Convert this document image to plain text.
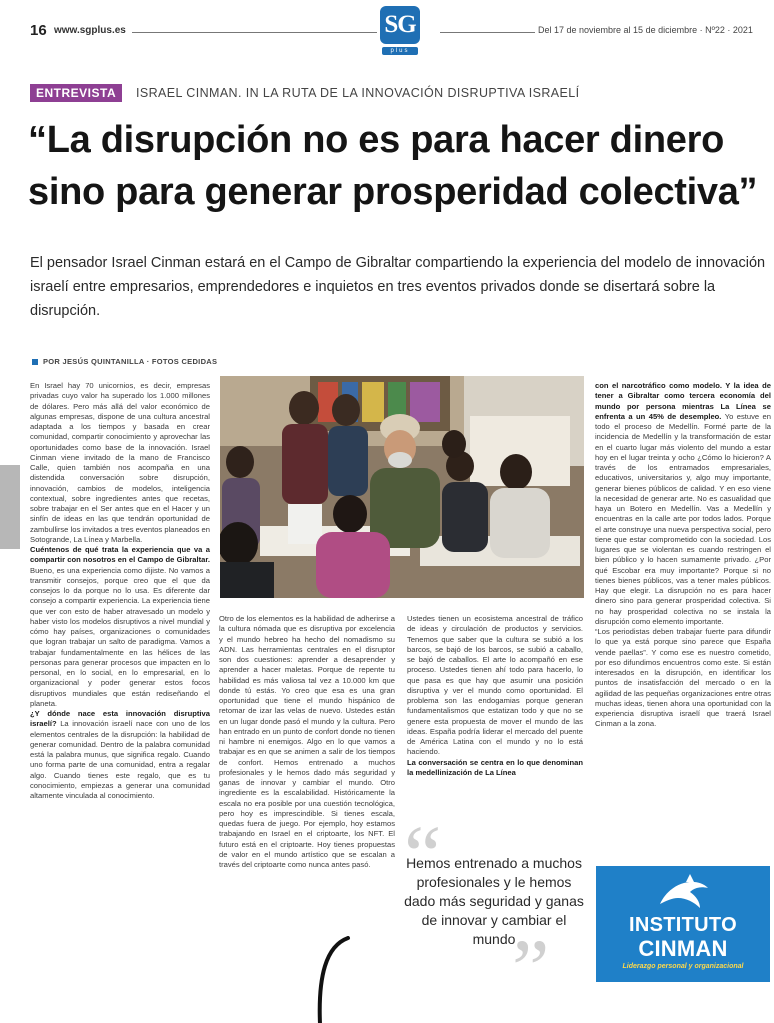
16 www.sgplus.es	Del 17 de noviembre al 15 de diciembre · Nº22 · 2021
SG
plus
ENTREVISTA	ISRAEL CINMAN. IN LA RUTA DE LA INNOVACIÓN DISRUPTIVA ISRAELÍ
“La disrupción no es para hacer dinero
sino para generar prosperidad colectiva”

El pensador Israel Cinman estará en el Campo de Gibraltar compartiendo la experiencia del modelo de innovación israelí entre empresarios, emprendedores e inquietos en tres eventos privados donde se disertará sobre la disrupción.

POR JESÚS QUINTANILLA · FOTOS CEDIDAS

En Israel hay 70 unicornios, es decir, empresas privadas cuyo valor ha superado los 1.000 millones de dólares. Pero más allá del valor económico de algunas empresas, dispone de una cultura ancestral adaptada a los tiempos y basada en crear comunidad, compartir conocimiento y aprovechar las oportunidades como base de la innovación. Israel Cinman viene invitado de la mano de Francisco Calle, quien también nos acompaña en una distendida conversación sobre disrupción, innovación, cambios de modelos, inteligencia contextual, sobre ingredientes antes que recetas, sobre trabajar en el Ser antes que en el Hacer y un sinfín de ideas en las que tendrán oportunidad de zambullirse los invitados a tres eventos planeados en Sotogrande, La Línea y Marbella.

Cuéntenos de qué trata la experiencia que va a compartir con nosotros en el Campo de Gibraltar. Bueno, es una experiencia como dijiste. No vamos a transmitir consejos, porque creo que el que da consejos lo da porque no lo usa. Es diferente dar consejo a compartir experiencia. La experiencia tiene que ver con esto de haber atravesado un modelo y haber visto los modelos disruptivos a nivel mundial y cómo hay países, organizaciones o comunidades que logran trabajar un salto de paradigma. Vamos a trabajar fundamentalmente en las hélices de las personas para generar procesos que impacten en lo personal, en lo social, en lo empresarial, en lo organizacional y poder generar estos focos disruptivos mundiales que están rediseñando el planeta.

¿Y dónde nace esta innovación disruptiva israelí? La innovación israelí nace con uno de los elementos centrales de la disrupción: la habilidad de generar comunidad. Dentro de la palabra comunidad está la palabra munus, que significa regalo. Cuando uno forma parte de una comunidad, entra a regalar algo. Cuando tienes este regalo, que es tu conocimiento, empiezas a generar una comunidad altamente vinculada al conocimiento.

Otro de los elementos es la habilidad de adherirse a la cultura nómada que es disruptiva por excelencia y el mundo hebreo ha hecho del nomadismo su ADN. Las herramientas centrales en el disruptor son dos cuestiones: aprender a desaprender y aprender a hacer maletas. Porque de repente tu habilidad es más valiosa tal vez a 10.000 km que donde tú estás. Yo creo que esa es una gran oportunidad que tiene el mundo hispánico de retomar de izar las velas de nuevo. Ustedes están en un lugar donde pasó el mundo y la cultura. Pero han entrado en un punto de confort donde no tienen ni hambre ni enemigos. Algo en lo que vamos a trabajar es en que se animen a salir de los tiempos de confort. Hemos entrenado a muchos profesionales y le hemos dado más seguridad y ganas de innovar y cambiar el mundo. Otro ingrediente es la escalabilidad. Históricamente la escala no era posible por una cuestión tecnológica, pero hoy es imprescindible. Si tienes escala, quedas fuera de juego. Por ejemplo, hoy estamos trabajando en Israel en el criptoarte, los NFT. El futuro está en el criptoarte. Hoy tienes propuestas de valor en el mundo artístico que se escalan a través del criptoarte como nunca antes pasó.

Ustedes tienen un ecosistema ancestral de tráfico de ideas y circulación de productos y servicios. Tenemos que saber que la cultura se subió a los barcos, se bajó de los barcos, se subió a caballo, se bajó de caballos. El arte lo acompañó en ese proceso. Ustedes tienen ahí todo para hacerlo, lo que pasa es que hay que asumir una posición disruptiva y ver el mundo como oportunidad. El problema son las endogamias porque generan fundamentalismos que estatizan todo y que no se genere esta propuesta de mover el mundo de las ideas. España podría liderar el mercado del puente de América Latina con el mundo y no lo está haciendo.

La conversación se centra en lo que denominan la medellinización de La Línea

“
Hemos entrenado a muchos profesionales y le hemos dado más seguridad y ganas de innovar y cambiar el mundo
”

con el narcotráfico como modelo. Y la idea de tener a Gibraltar como tercera economía del mundo por persona mientras La Línea se enfrenta a un 45% de desempleo. Yo estuve en todo el proceso de Medellín. Formé parte de la incidencia de Medellín y la transformación de estar en el cuarto lugar más violento del mundo a estar hoy en el lugar treinta y ocho ¿Cómo lo hicieron? A través de los entramados empresariales, educativos, universitarios y, algo muy importante, generar bienes públicos de calidad. Y en eso viene la necesidad de generar arte. No es casualidad que haya un Botero en Medellín. Vas a Medellín y encuentras en la calle arte por todos lados. Porque el arte construye una nueva perspectiva social, pero tiene que estar comprometido con la sociedad. Los lugares que se violentan es cuando restringen el bien público y lo hacen sumamente privado. ¿Por qué Escobar era muy importante? Porque si no tienes bienes públicos, vas a tener males públicos. Hay que elegir. La disrupción no es para hacer dinero sino para generar prosperidad colectiva. Si no hay prosperidad colectiva no se instala la disrupción como elemento importante.

“Los periodistas deben trabajar fuerte para difundir lo que ya está porque sino parece que España vende paellas”. Y como ese es nuestro cometido, por eso difundimos encuentros como este. Si están interesados en la disrupción, en identificar los puntos de insatisfacción del mercado o en la agilidad de las pequeñas organizaciones entre otras muchas ideas, tienen ahora una oportunidad con la experiencia disruptiva israelí que traerá Israel Cinman a la zona.

INSTITUTO
CINMAN
Liderazgo personal y organizacional
